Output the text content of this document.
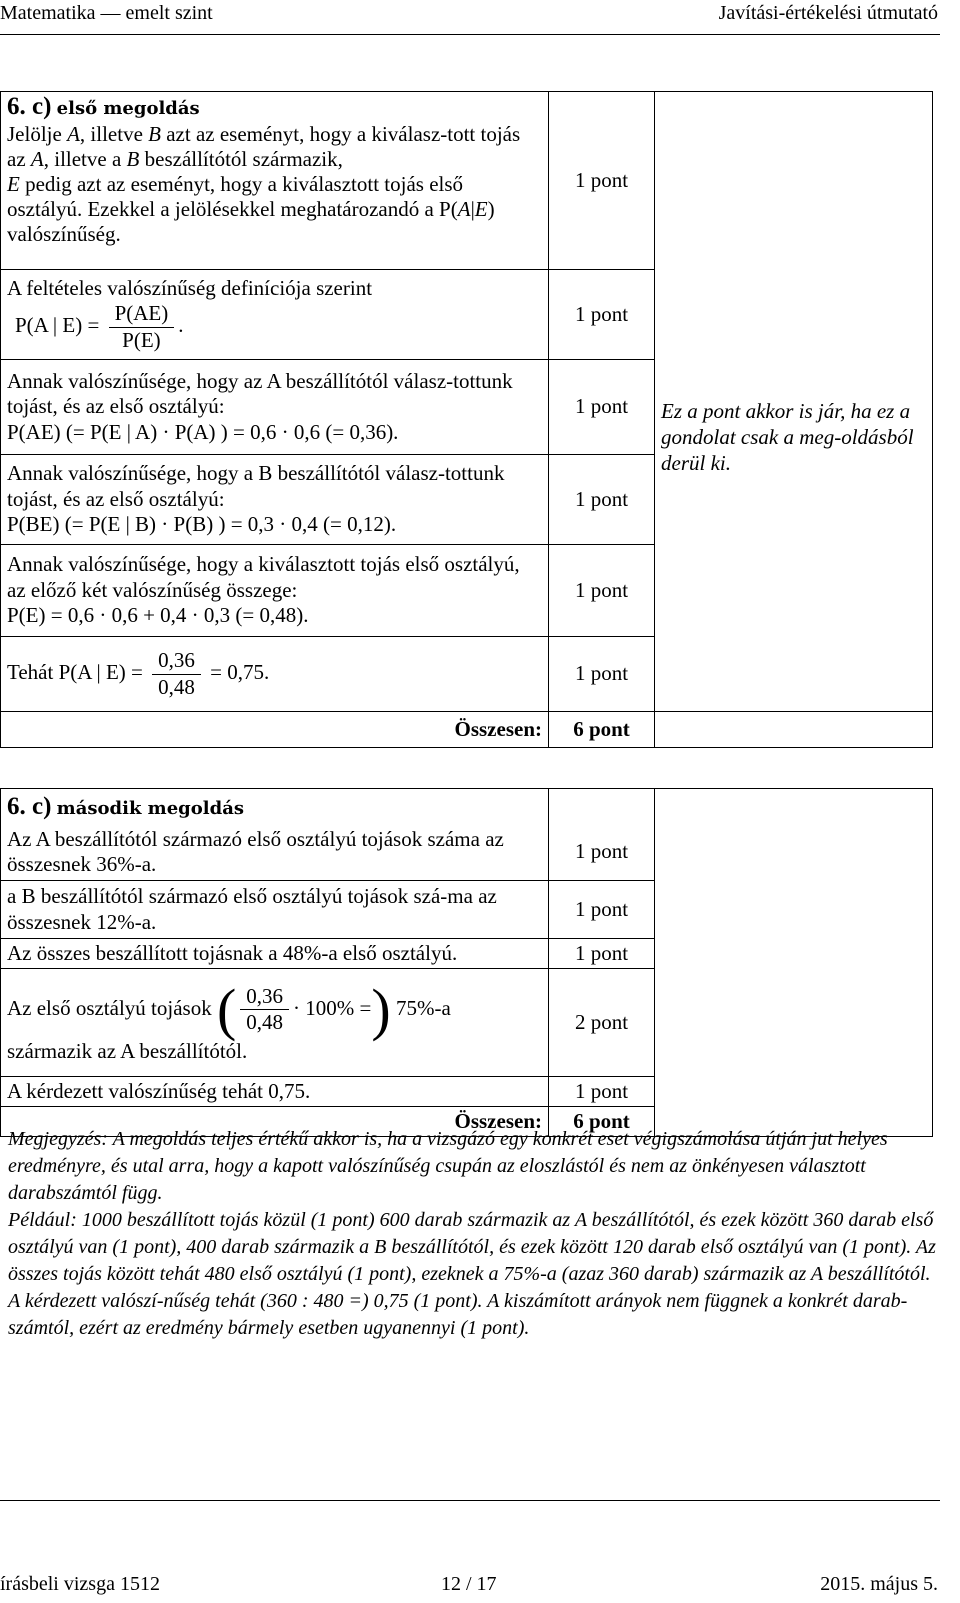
Matematika — emelt szint	Javítási-értékelési útmutató
6. c) első megoldás
Jelölje A, illetve B azt az eseményt, hogy a kiválasz-tott tojás az A, illetve a B beszállítótól származik,
E pedig azt az eseményt, hogy a kiválasztott tojás első osztályú. Ezekkel a jelölésekkel meghatározandó a P(A|E) valószínűség.	1 pont	Ez a pont akkor is jár, ha ez a gondolat csak a meg-oldásból derül ki.

A feltételes valószínűség definíciója szerint
P(A | $E) = \frac{P(AE)}{P(E)}$ .	1 pont	

Annak valószínűsége, hogy az A beszállítótól válasz-tottunk tojást, és az első osztályú:
P(AE) (= P(E | A) · P(A) ) = 0,6 · 0,6 (= 0,36).	1 pont	

Annak valószínűsége, hogy a B beszállítótól válasz-tottunk tojást, és az első osztályú:
P(BE) (= P(E | B) · P(B) ) = 0,3 · 0,4 (= 0,12).	1 pont	

Annak valószínűsége, hogy a kiválasztott tojás első osztályú, az előző két valószínűség összege:
P(E) = 0,6 · 0,6 + 0,4 · 0,3 (= 0,48).	1 pont	
Tehát P(A | $E) = \frac{0,36}{0,48} = 0,75$.	1 pont	
Összesen:	6 pont	
6. c) második megoldás		
Az A beszállítótól származó első osztályú tojások száma az összesnek 36%-a.	1 pont	
a B beszállítótól származó első osztályú tojások szá-ma az összesnek 12%-a.	1 pont	
Az összes beszállított tojásnak a 48%-a első osztályú.	1 pont	

Az első osztályú tojások ( $\frac{0,36}{0,48} \cdot 100\%$ =) 75%-a
származik az A beszállítótól.	2 pont	
A kérdezett valószínűség tehát 0,75.	1 pont	
Összesen:	6 pont	
Megjegyzés: A megoldás teljes értékű akkor is, ha a vizsgázó egy konkrét eset végigszámolása útján jut helyes eredményre, és utal arra, hogy a kapott valószínűség csupán az eloszlástól és nem az önkényesen választott darabszámtól függ.
Például: 1000 beszállított tojás közül (1 pont) 600 darab származik az A beszállítótól, és ezek között 360 darab első osztályú van (1 pont), 400 darab származik a B beszállítótól, és ezek között 120 darab első osztályú van (1 pont). Az összes tojás között tehát 480 első osztályú (1 pont), ezeknek a 75%-a (azaz 360 darab) származik az A beszállítótól. A kérdezett valószí-nűség tehát (360 : 480 =) 0,75 (1 pont). A kiszámított arányok nem függnek a konkrét darab-számtól, ezért az eredmény bármely esetben ugyanennyi (1 pont).
írásbeli vizsga 1512	12 / 17	2015. május 5.
